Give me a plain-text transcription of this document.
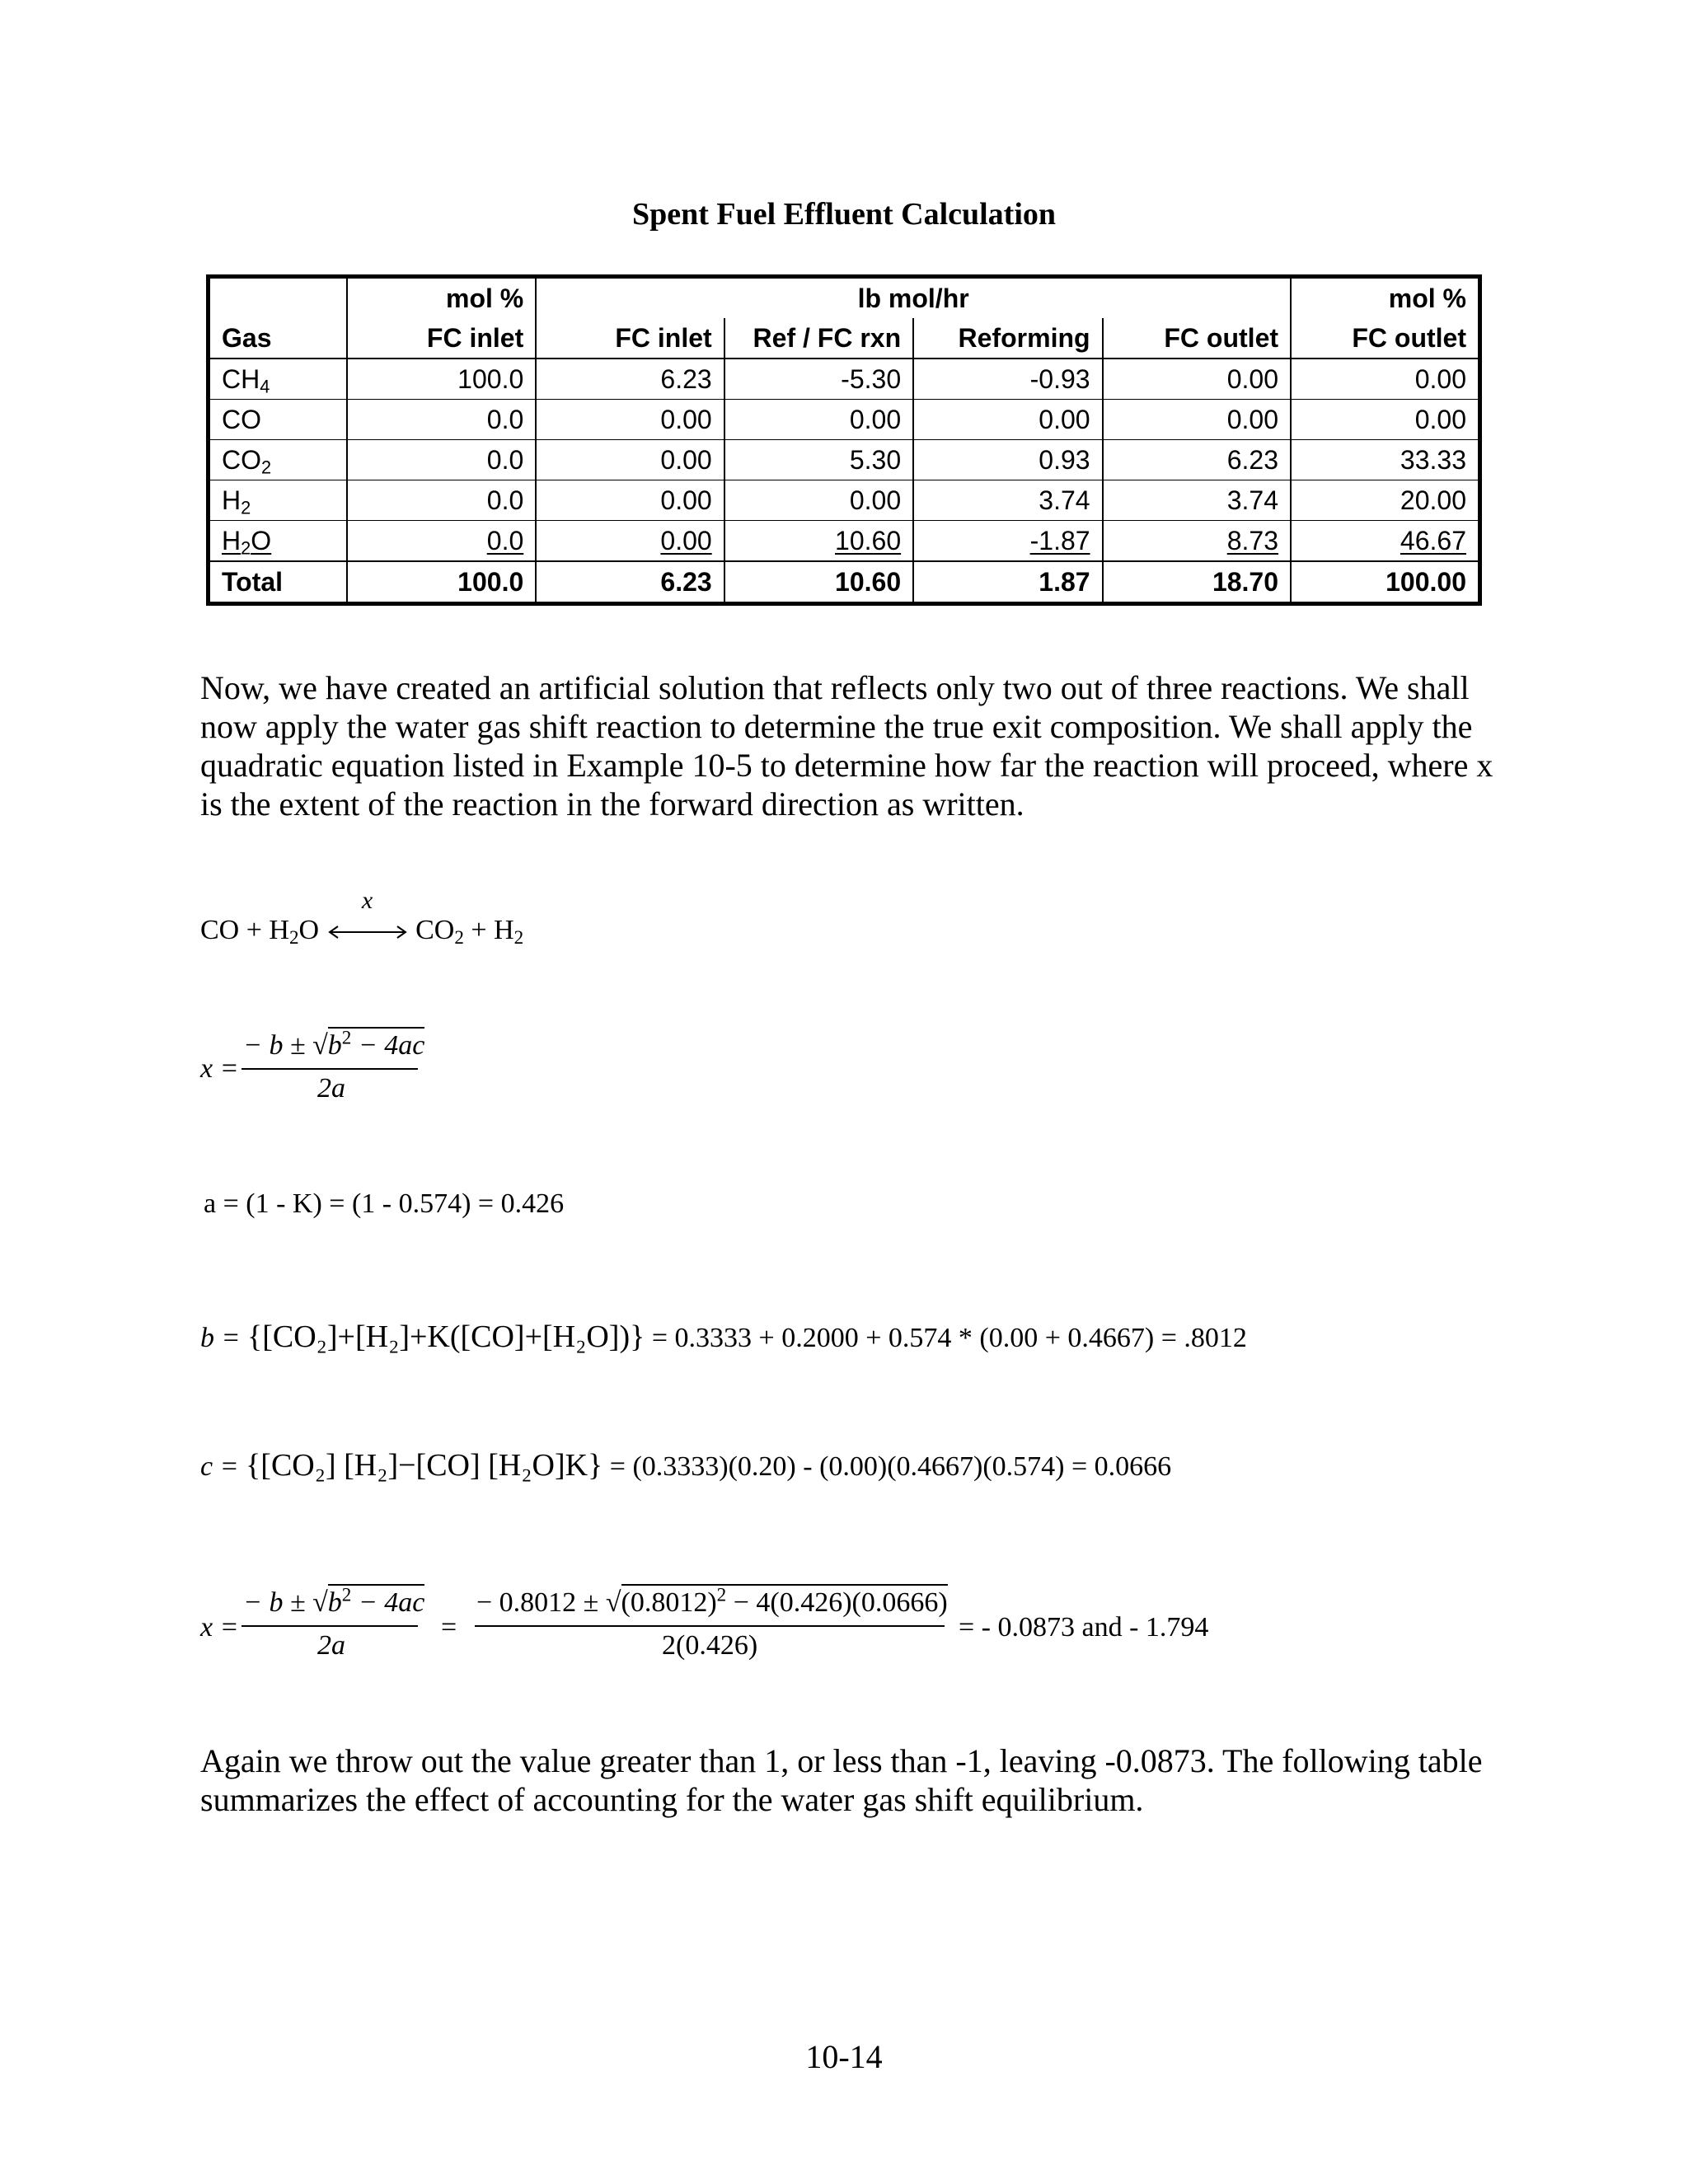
Spent Fuel Effluent Calculation
	mol %	lb mol/hr				mol %
Gas	FC inlet	FC inlet	Ref / FC rxn	Reforming	FC outlet	FC outlet
$CH_4$	100.0	6.23	-5.30	-0.93	0.00	0.00
CO	0.0	0.00	0.00	0.00	0.00	0.00
$CO_2$	0.0	0.00	5.30	0.93	6.23	33.33
$H_2$	0.0	0.00	0.00	3.74	3.74	20.00
$H_2O$	0.0	0.00	10.60	-1.87	8.73	46.67
Total	100.0	6.23	10.60	1.87	18.70	100.00
Now, we have created an artificial solution that reflects only two out of three reactions. We shall now apply the water gas shift reaction to determine the true exit composition. We shall apply the quadratic equation listed in Example 10-5 to determine how far the reaction will proceed, where x is the extent of the reaction in the forward direction as written.
CO + $H_2O$
x
$CO_2 + H_2$
x =
− $b \pm √b^2 - 4ac$
2a
a = (1 - K) = (1 - 0.574) = 0.426
b = {[CO₂]+[H₂]+K([CO]+[H₂O])} = 0.3333 + 0.2000 + 0.574 * (0.00 + 0.4667) = .8012
c = {[CO₂] [H₂]−[CO] [H₂O]K} = (0.3333)(0.20) - (0.00)(0.4667)(0.574) = 0.0666
x =
− $b \pm √b^2 - 4ac$
2a
=
− $0.8012 \pm √(0.8012)^2 - 4(0.426)(0.0666)$
2(0.426)
= - 0.0873 and - 1.794
Again we throw out the value greater than 1, or less than -1, leaving -0.0873. The following table summarizes the effect of accounting for the water gas shift equilibrium.
10-14
